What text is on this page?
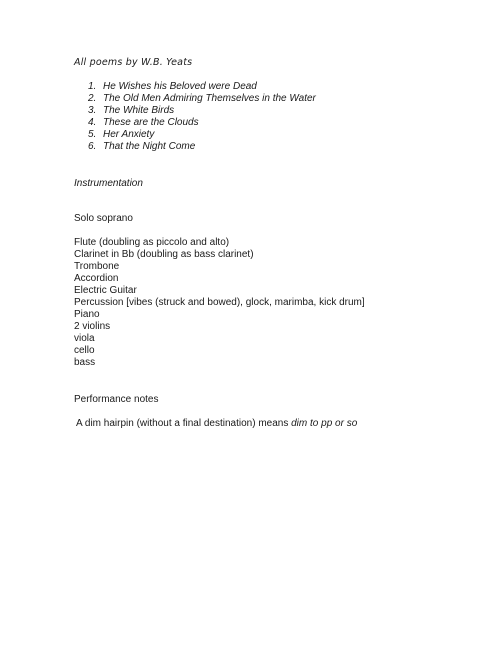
All poems by W.B. Yeats

1. He Wishes his Beloved were Dead
2. The Old Men Admiring Themselves in the Water
3. The White Birds
4. These are the Clouds
5. Her Anxiety
6. That the Night Come
Instrumentation

Solo soprano

Flute (doubling as piccolo and alto)
Clarinet in Bb (doubling as bass clarinet)
Trombone
Accordion
Electric Guitar
Percussion [vibes (struck and bowed), glock, marimba, kick drum]
Piano
2 violins
viola
cello
bass
Performance notes

A dim hairpin (without a final destination) means dim to pp or so
